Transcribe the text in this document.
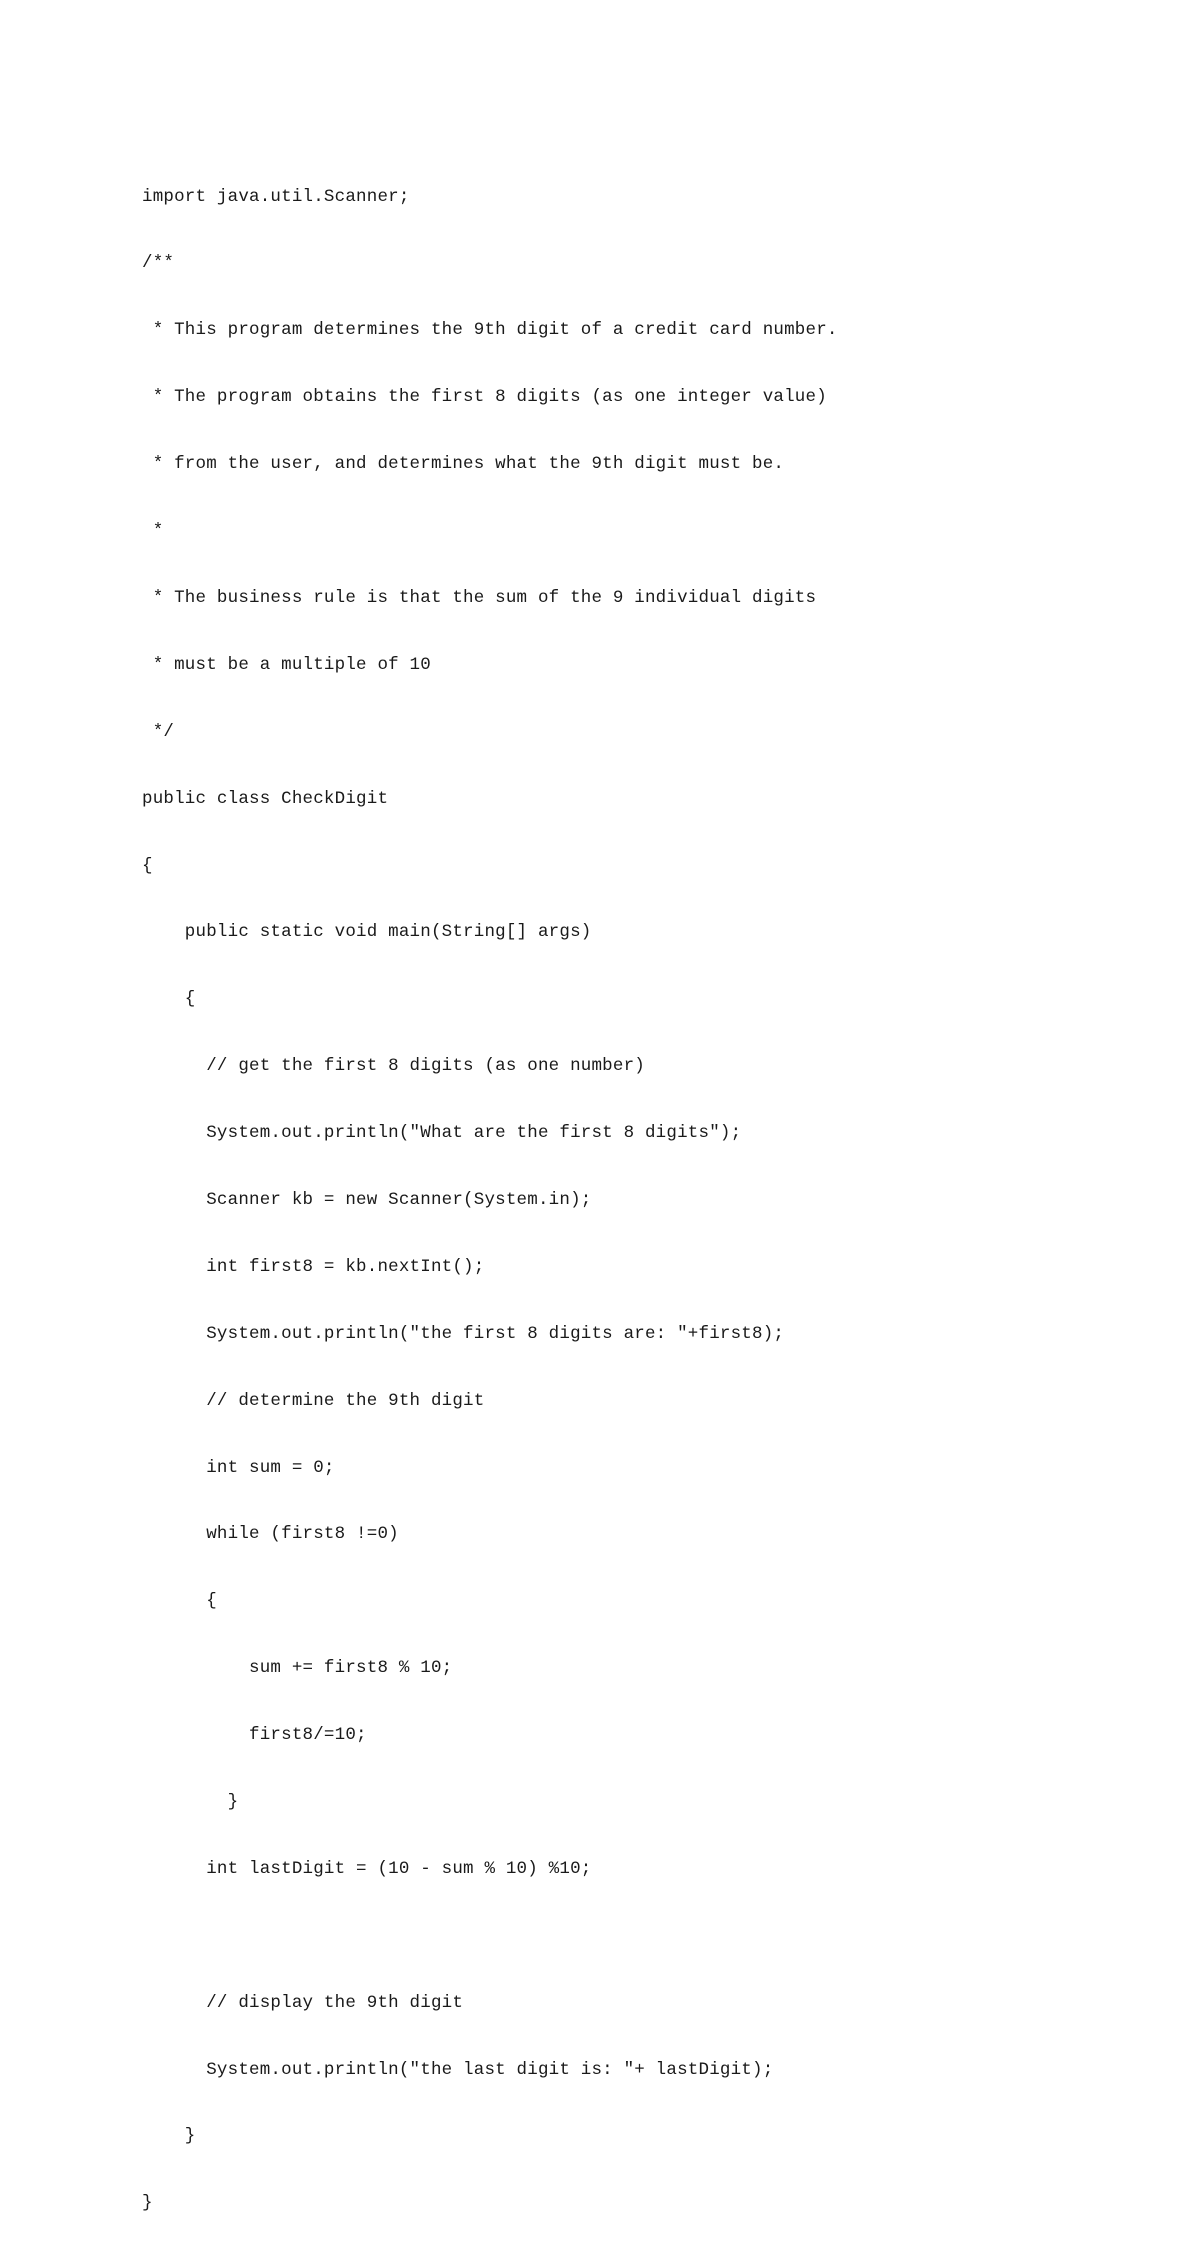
import java.util.Scanner;

/**

* This program determines the 9th digit of a credit card number.

* The program obtains the first 8 digits (as one integer value)

* from the user, and determines what the 9th digit must be.

*

* The business rule is that the sum of the 9 individual digits

* must be a multiple of 10

*/

public class CheckDigit

{

public static void main(String[] args)

{

// get the first 8 digits (as one number)

System.out.println("What are the first 8 digits");

Scanner kb = new Scanner(System.in);

int first8 = kb.nextInt();

System.out.println("the first 8 digits are: "+first8);

// determine the 9th digit

int sum = 0;

while (first8 !=0)

{

sum += first8 % 10;

first8/=10;

}

int lastDigit = (10 - sum % 10) %10;

// display the 9th digit

System.out.println("the last digit is: "+ lastDigit);

}

}
